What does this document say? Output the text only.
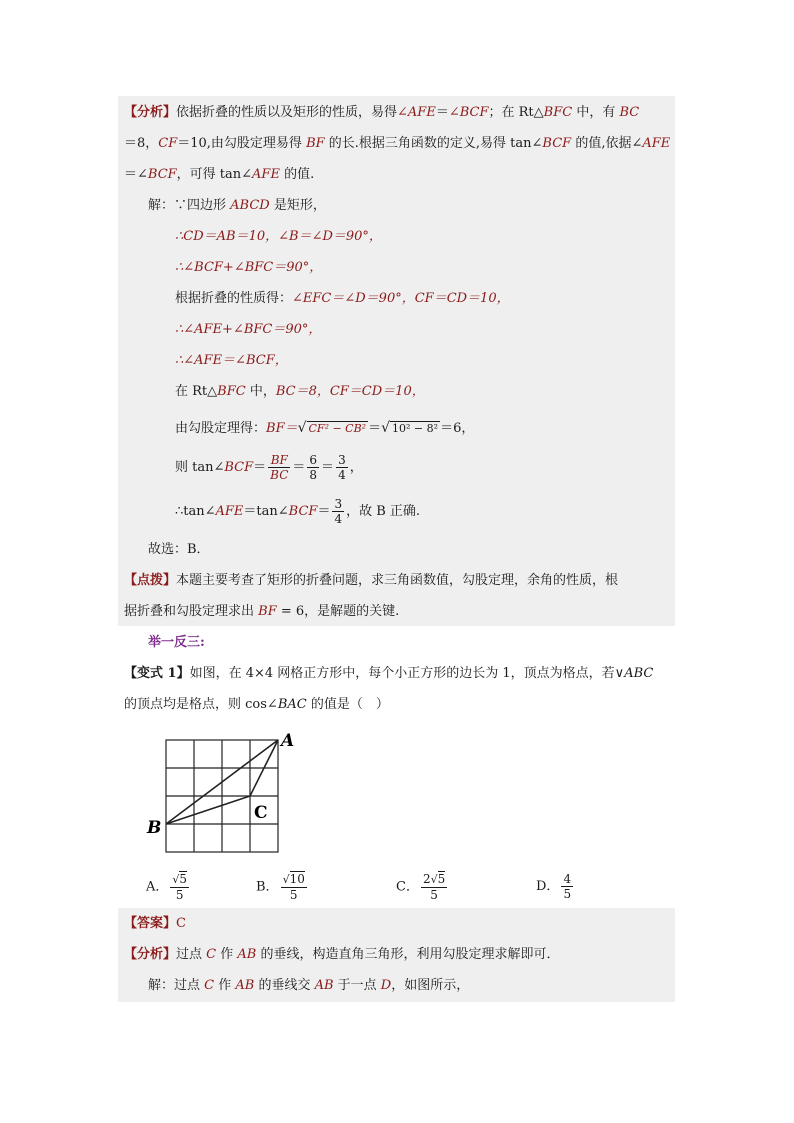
【分析】依据折叠的性质以及矩形的性质，易得∠AFE＝∠BCF；在 Rt△BFC 中，有 BC
＝8，CF＝10,由勾股定理易得 BF 的长.根据三角函数的定义,易得 tan∠BCF 的值,依据∠AFE
＝∠BCF，可得 tan∠AFE 的值.
解：∵四边形 ABCD 是矩形，
∴CD＝AB＝10，∠B＝∠D＝90°，
∴∠BCF+∠BFC＝90°，
根据折叠的性质得：∠EFC＝∠D＝90°，CF＝CD＝10，
∴∠AFE+∠BFC＝90°，
∴∠AFE＝∠BCF，
在 Rt△BFC 中，BC＝8，CF＝CD＝10，
由勾股定理得：BF＝√ CF² − CB² ＝√ 10² − 8² ＝6，
则 tan∠BCF＝ $\frac{BF}{BC} = \frac{6}{8} = \frac{3}{4}$ ，
∴tan∠AFE＝tan∠BCF＝ $\frac{3}{4}$ ，故 B 正确.
故选：B．
【点拨】本题主要考查了矩形的折叠问题，求三角函数值，勾股定理，余角的性质，根
据折叠和勾股定理求出 BF = 6，是解题的关键.
举一反三:
【变式 1】如图，在 4×4 网格正方形中，每个小正方形的边长为 1，顶点为格点，若∨ABC
的顶点均是格点，则 cos∠BAC 的值是（　）
A
B
C
A． $\frac{√5}{5}$	B． $\frac{√10}{5}$	C． $\frac{2√5}{5}$	D． $\frac{4}{5}$
【答案】C
【分析】过点 C 作 AB 的垂线，构造直角三角形，利用勾股定理求解即可．
解：过点 C 作 AB 的垂线交 AB 于一点 D，如图所示，
